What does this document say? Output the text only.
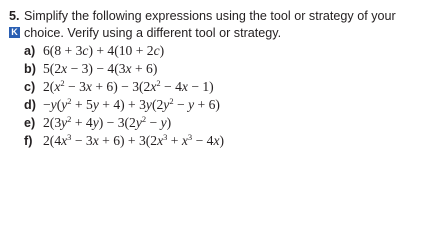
5. Simplify the following expressions using the tool or strategy of your
K choice. Verify using a different tool or strategy.
a) 6(8 + 3c) + 4(10 + 2c)
b) 5(2x − 3) − 4(3x + 6)
c) $2(x^2 - 3x + 6) - 3(2x^2 - 4x - 1)$
$d) -y(y^2 + 5y + 4) + 3y(2y^2 - y + 6)$
e) $2(3y^2 + 4y) - 3(2y^2 - y)$
f) $2(4x^3 - 3x + 6) + 3(2x^3 + x^3 - 4x)$
